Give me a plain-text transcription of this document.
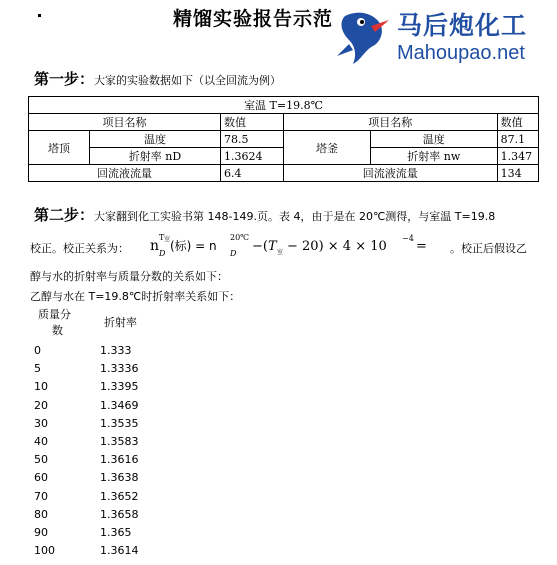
精馏实验报告示范	马后炮化工
Mahoupao.net
第一步：大家的实验数据如下（以全回流为例）
室温 T=19.8℃					
项目名称		数值	项目名称		数值
塔顶	温度	78.5	塔釜	温度	87.1
	折射率 nD	1.3624		折射率 nw	1.347
回流液流量		6.4	回流液流量		134
第二步：大家翻到化工实验书第 148-149.页。表 4，由于是在 20℃测得，与室温 T=19.8
校正。校正关系为： n
T 室
D
(标) = n
20℃
D −( T 室 − 20) × 4 × 10
−4
= 。校正后假设乙
醇与水的折射率与质量分数的关系如下：
乙醇与水在 T=19.8℃时折射率关系如下：
质量分
数
折射率
0	1.333
5	1.3336
10	1.3395
20	1.3469
30	1.3535
40	1.3583
50	1.3616
60	1.3638
70	1.3652
80	1.3658
90	1.365
100	1.3614
